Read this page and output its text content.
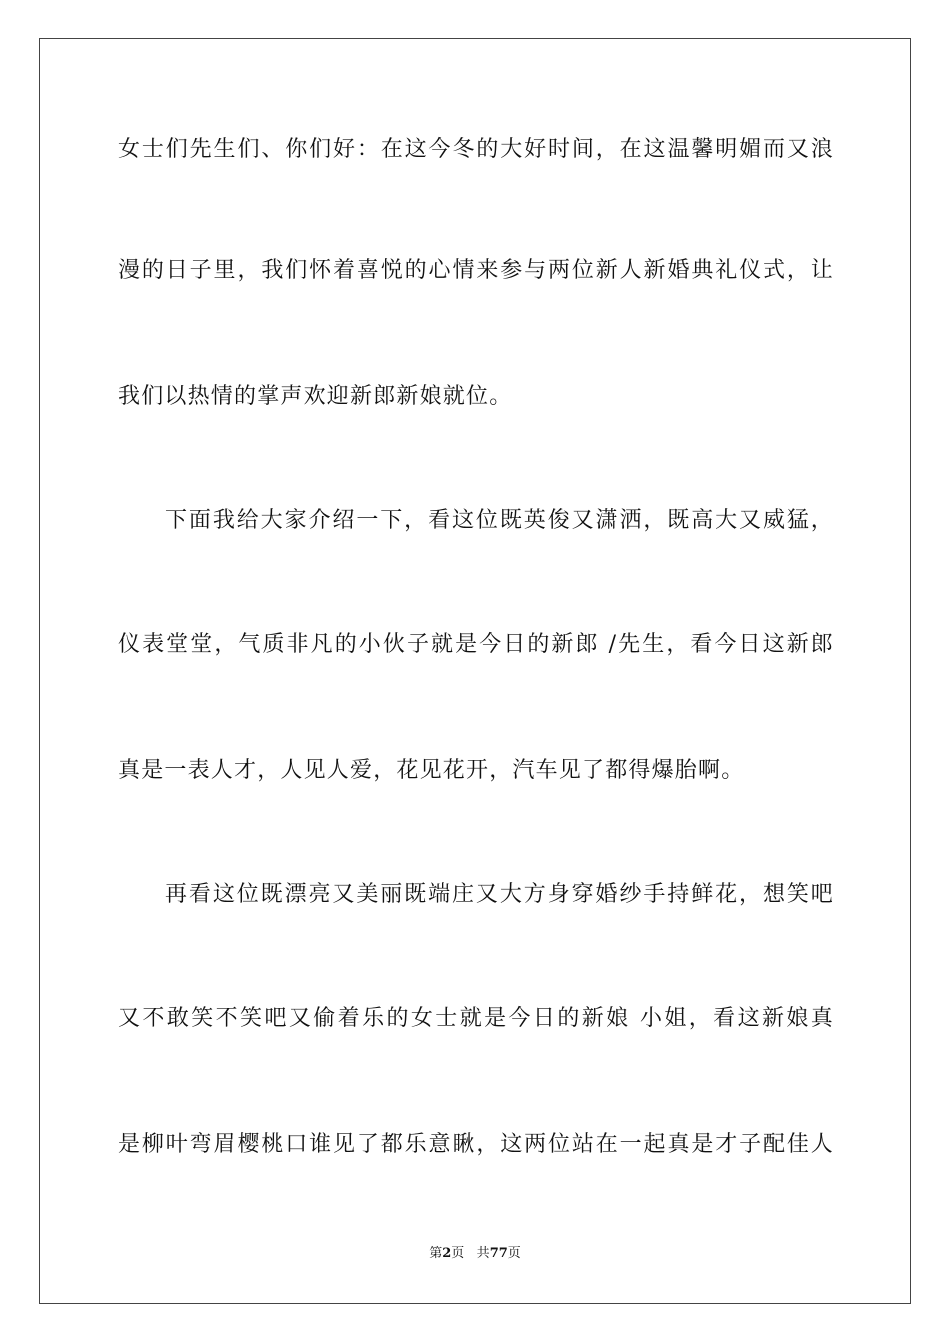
女士们先生们、你们好：在这今冬的大好时间，在这温馨明媚而又浪
漫的日子里，我们怀着喜悦的心情来参与两位新人新婚典礼仪式，让
我们以热情的掌声欢迎新郎新娘就位。
下面我给大家介绍一下，看这位既英俊又潇洒，既高大又威猛，
仪表堂堂，气质非凡的小伙子就是今日的新郎 /先生，看今日这新郎
真是一表人才，人见人爱，花见花开，汽车见了都得爆胎啊。
再看这位既漂亮又美丽既端庄又大方身穿婚纱手持鲜花，想笑吧
又不敢笑不笑吧又偷着乐的女士就是今日的新娘 小姐，看这新娘真
是柳叶弯眉樱桃口谁见了都乐意瞅，这两位站在一起真是才子配佳人
第2页 共77页
